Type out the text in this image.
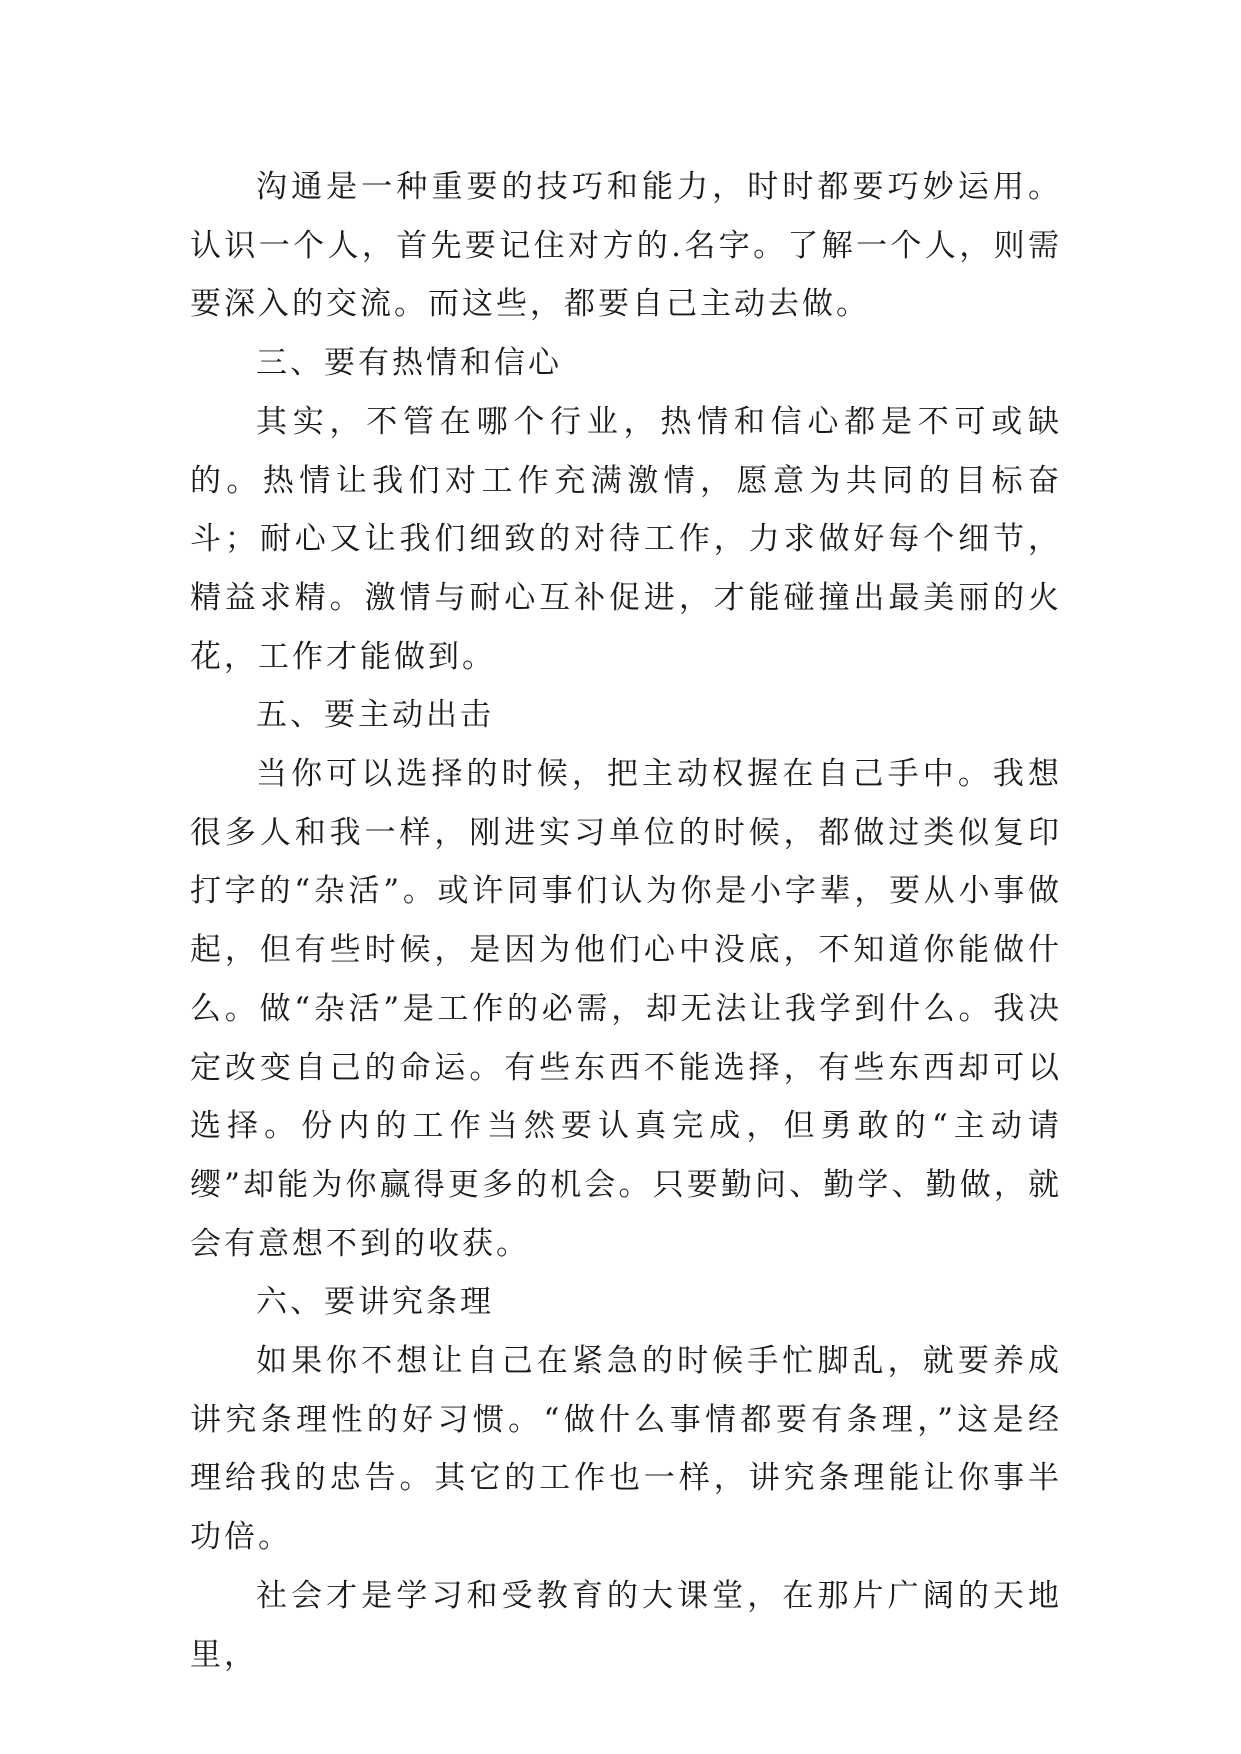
沟通是一种重要的技巧和能力，时时都要巧妙运用。认识一个人，首先要记住对方的.名字。了解一个人，则需要深入的交流。而这些，都要自己主动去做。

三、要有热情和信心

其实，不管在哪个行业，热情和信心都是不可或缺的。热情让我们对工作充满激情，愿意为共同的目标奋斗；耐心又让我们细致的对待工作，力求做好每个细节，精益求精。激情与耐心互补促进，才能碰撞出最美丽的火花，工作才能做到。

五、要主动出击

当你可以选择的时候，把主动权握在自己手中。我想很多人和我一样，刚进实习单位的时候，都做过类似复印打字的“杂活”。或许同事们认为你是小字辈，要从小事做起，但有些时候，是因为他们心中没底，不知道你能做什么。做“杂活”是工作的必需，却无法让我学到什么。我决定改变自己的命运。有些东西不能选择，有些东西却可以选择。份内的工作当然要认真完成，但勇敢的“主动请缨”却能为你赢得更多的机会。只要勤问、勤学、勤做，就会有意想不到的收获。

六、要讲究条理

如果你不想让自己在紧急的时候手忙脚乱，就要养成讲究条理性的好习惯。“做什么事情都要有条理，”这是经理给我的忠告。其它的工作也一样，讲究条理能让你事半功倍。

社会才是学习和受教育的大课堂，在那片广阔的天地里，
